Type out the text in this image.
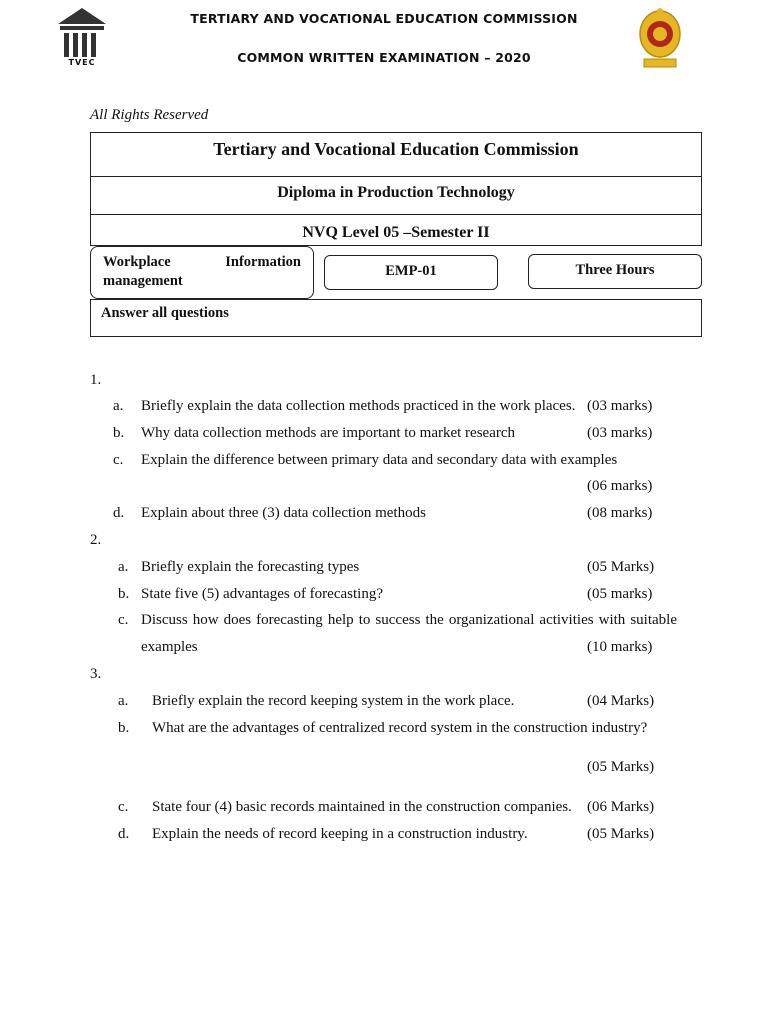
TVEC
TERTIARY AND VOCATIONAL EDUCATION COMMISSION
COMMON WRITTEN EXAMINATION – 2020
All Rights Reserved
Tertiary and Vocational Education Commission
Diploma in Production Technology
NVQ Level 05 –Semester II
Workplace	Information
management
EMP-01	Three Hours
Answer all questions
1.
a. Briefly explain the data collection methods practiced in the work places. (03 marks)
b. Why data collection methods are important to market research	(03 marks)
c. Explain the difference between primary data and secondary data with examples
(06 marks)
d. Explain about three (3) data collection methods	(08 marks)
2.
a. Briefly explain the forecasting types	(05 Marks)
b. State five (5) advantages of forecasting?	(05 marks)
c. Discuss how does forecasting help to success the organizational activities with suitable
examples	(10 marks)
3.
a. Briefly explain the record keeping system in the work place.	(04 Marks)
b. What are the advantages of centralized record system in the construction industry?
(05 Marks)
c. State four (4) basic records maintained in the construction companies. (06 Marks)
d. Explain the needs of record keeping in a construction industry.	(05 Marks)
